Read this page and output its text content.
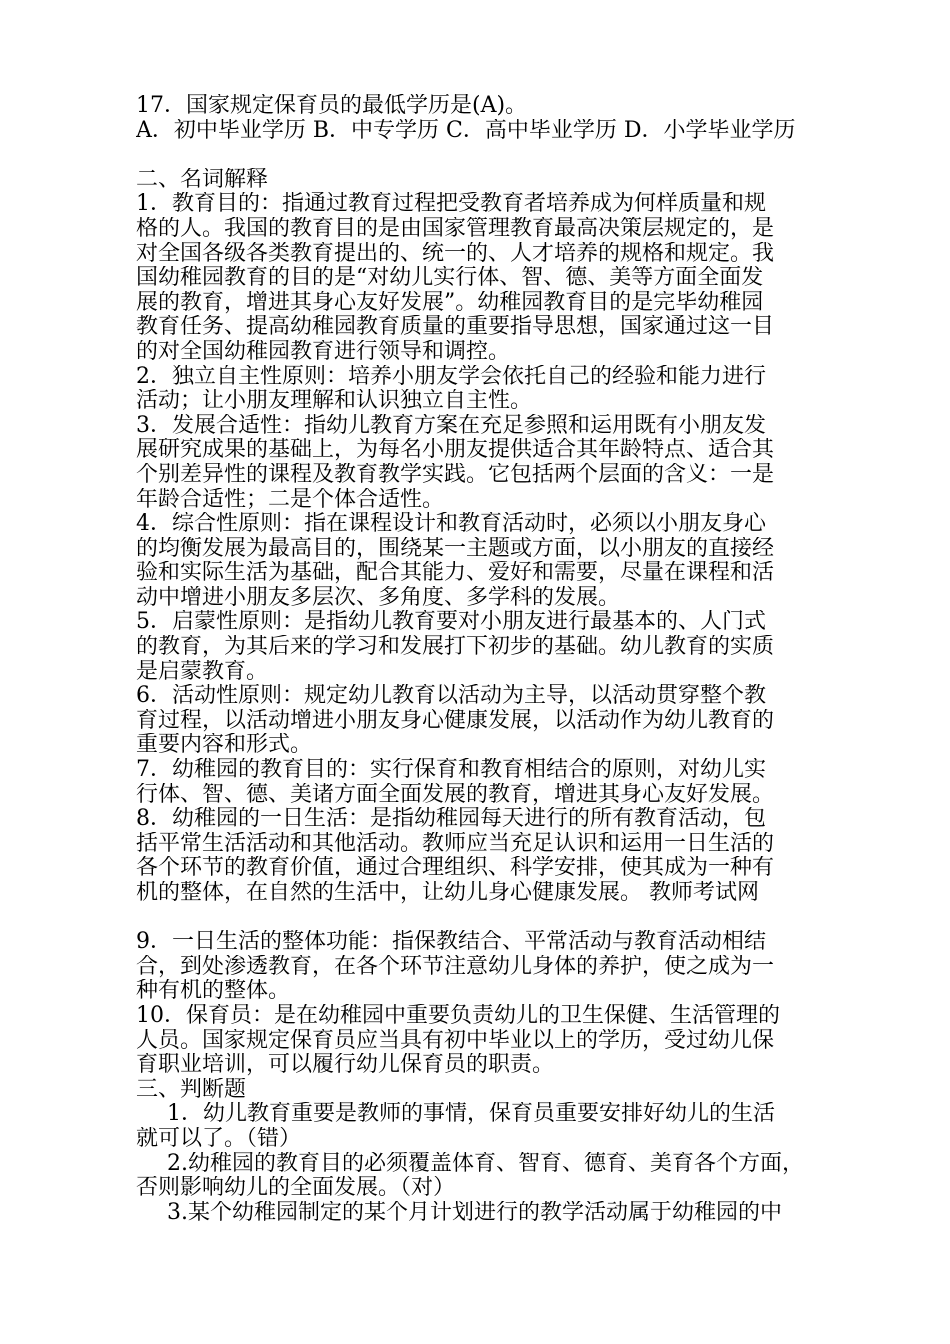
17．国家规定保育员的最低学历是(A)。
A．初中毕业学历 B．中专学历 C．高中毕业学历 D．小学毕业学历
二、名词解释
1．教育目的：指通过教育过程把受教育者培养成为何样质量和规
格的人。我国的教育目的是由国家管理教育最高决策层规定的，是
对全国各级各类教育提出的、统一的、人才培养的规格和规定。我
国幼稚园教育的目的是“对幼儿实行体、智、德、美等方面全面发
展的教育，增进其身心友好发展”。幼稚园教育目的是完毕幼稚园
教育任务、提高幼稚园教育质量的重要指导思想，国家通过这一目
的对全国幼稚园教育进行领导和调控。
2．独立自主性原则：培养小朋友学会依托自己的经验和能力进行
活动；让小朋友理解和认识独立自主性。
3．发展合适性：指幼儿教育方案在充足参照和运用既有小朋友发
展研究成果的基础上，为每名小朋友提供适合其年龄特点、适合其
个别差异性的课程及教育教学实践。它包括两个层面的含义：一是
年龄合适性；二是个体合适性。
4．综合性原则：指在课程设计和教育活动时，必须以小朋友身心
的均衡发展为最高目的，围绕某一主题或方面，以小朋友的直接经
验和实际生活为基础，配合其能力、爱好和需要，尽量在课程和活
动中增进小朋友多层次、多角度、多学科的发展。
5．启蒙性原则：是指幼儿教育要对小朋友进行最基本的、人门式
的教育，为其后来的学习和发展打下初步的基础。幼儿教育的实质
是启蒙教育。
6．活动性原则：规定幼儿教育以活动为主导，以活动贯穿整个教
育过程，以活动增进小朋友身心健康发展，以活动作为幼儿教育的
重要内容和形式。
7．幼稚园的教育目的：实行保育和教育相结合的原则，对幼儿实
行体、智、德、美诸方面全面发展的教育，增进其身心友好发展。
8．幼稚园的一日生活：是指幼稚园每天进行的所有教育活动，包
括平常生活活动和其他活动。教师应当充足认识和运用一日生活的
各个环节的教育价值，通过合理组织、科学安排，使其成为一种有
机的整体，在自然的生活中，让幼儿身心健康发展。 教师考试网
9．一日生活的整体功能：指保教结合、平常活动与教育活动相结
合，到处渗透教育，在各个环节注意幼儿身体的养护，使之成为一
种有机的整体。
10．保育员：是在幼稚园中重要负责幼儿的卫生保健、生活管理的
人员。国家规定保育员应当具有初中毕业以上的学历，受过幼儿保
育职业培训，可以履行幼儿保育员的职责。
三、判断题
1．幼儿教育重要是教师的事情，保育员重要安排好幼儿的生活
就可以了。（错）
2.幼稚园的教育目的必须覆盖体育、智育、德育、美育各个方面，
否则影响幼儿的全面发展。（对）
3.某个幼稚园制定的某个月计划进行的教学活动属于幼稚园的中
